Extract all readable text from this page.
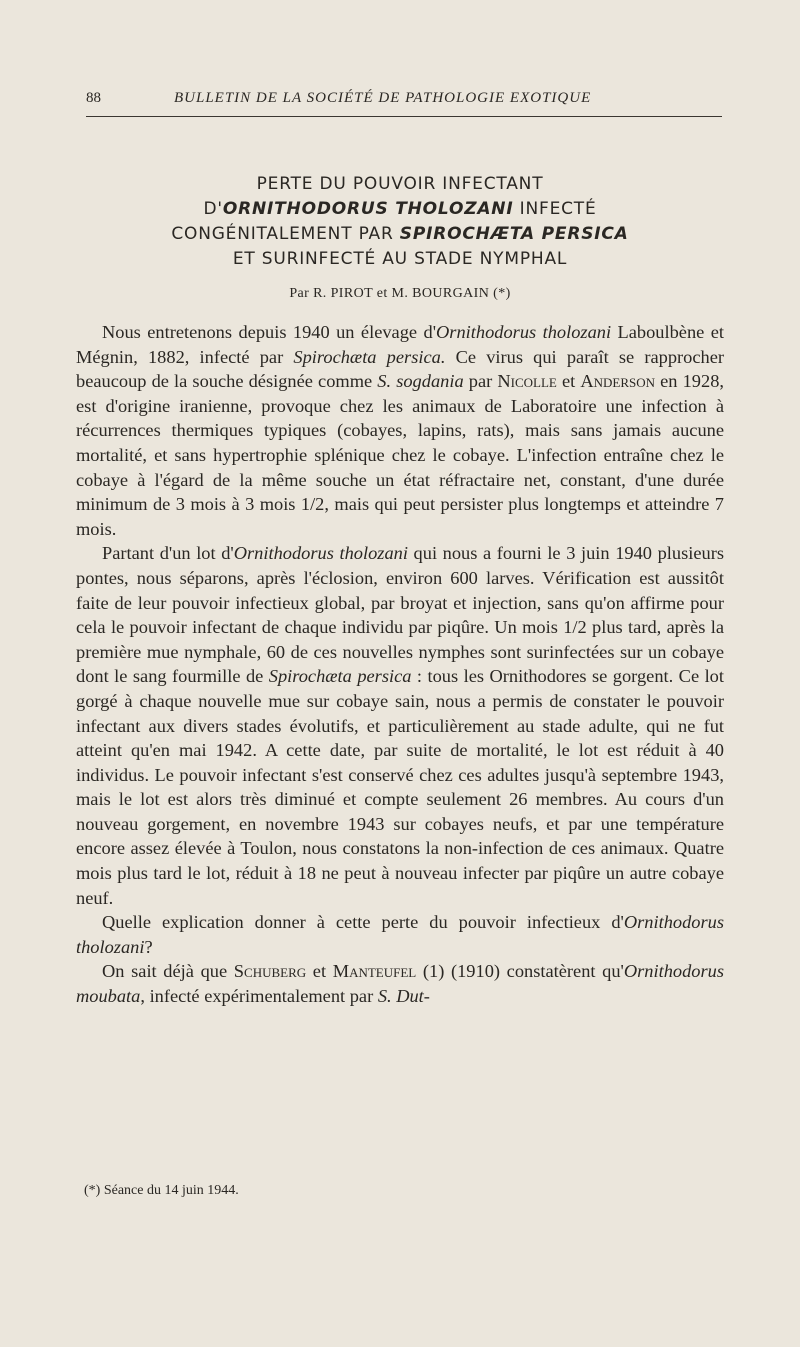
88	BULLETIN DE LA SOCIÉTÉ DE PATHOLOGIE EXOTIQUE
PERTE DU POUVOIR INFECTANT
D'ORNITHODORUS THOLOZANI INFECTÉ
CONGÉNITALEMENT PAR SPIROCHÆTA PERSICA
ET SURINFECTÉ AU STADE NYMPHAL
Par R. PIROT et M. BOURGAIN (*)

Nous entretenons depuis 1940 un élevage d'Ornithodorus tholozani Laboulbène et Mégnin, 1882, infecté par Spirochæta persica. Ce virus qui paraît se rapprocher beaucoup de la souche désignée comme S. sogdania par Nicolle et Anderson en 1928, est d'origine iranienne, provoque chez les animaux de Laboratoire une infection à récurrences thermiques typiques (cobayes, lapins, rats), mais sans jamais aucune mortalité, et sans hypertrophie splénique chez le cobaye. L'infection entraîne chez le cobaye à l'égard de la même souche un état réfractaire net, constant, d'une durée minimum de 3 mois à 3 mois 1/2, mais qui peut persister plus longtemps et atteindre 7 mois.

Partant d'un lot d'Ornithodorus tholozani qui nous a fourni le 3 juin 1940 plusieurs pontes, nous séparons, après l'éclosion, environ 600 larves. Vérification est aussitôt faite de leur pouvoir infectieux global, par broyat et injection, sans qu'on affirme pour cela le pouvoir infectant de chaque individu par piqûre. Un mois 1/2 plus tard, après la première mue nymphale, 60 de ces nouvelles nymphes sont surinfectées sur un cobaye dont le sang fourmille de Spirochæta persica : tous les Ornithodores se gorgent. Ce lot gorgé à chaque nouvelle mue sur cobaye sain, nous a permis de constater le pouvoir infectant aux divers stades évolutifs, et particulièrement au stade adulte, qui ne fut atteint qu'en mai 1942. A cette date, par suite de mortalité, le lot est réduit à 40 individus. Le pouvoir infectant s'est conservé chez ces adultes jusqu'à septembre 1943, mais le lot est alors très diminué et compte seulement 26 membres. Au cours d'un nouveau gorgement, en novembre 1943 sur cobayes neufs, et par une température encore assez élevée à Toulon, nous constatons la non-infection de ces animaux. Quatre mois plus tard le lot, réduit à 18 ne peut à nouveau infecter par piqûre un autre cobaye neuf.

Quelle explication donner à cette perte du pouvoir infectieux d'Ornithodorus tholozani?

On sait déjà que Schuberg et Manteufel (1) (1910) constatèrent qu'Ornithodorus moubata, infecté expérimentalement par S. Dut-

(*) Séance du 14 juin 1944.
